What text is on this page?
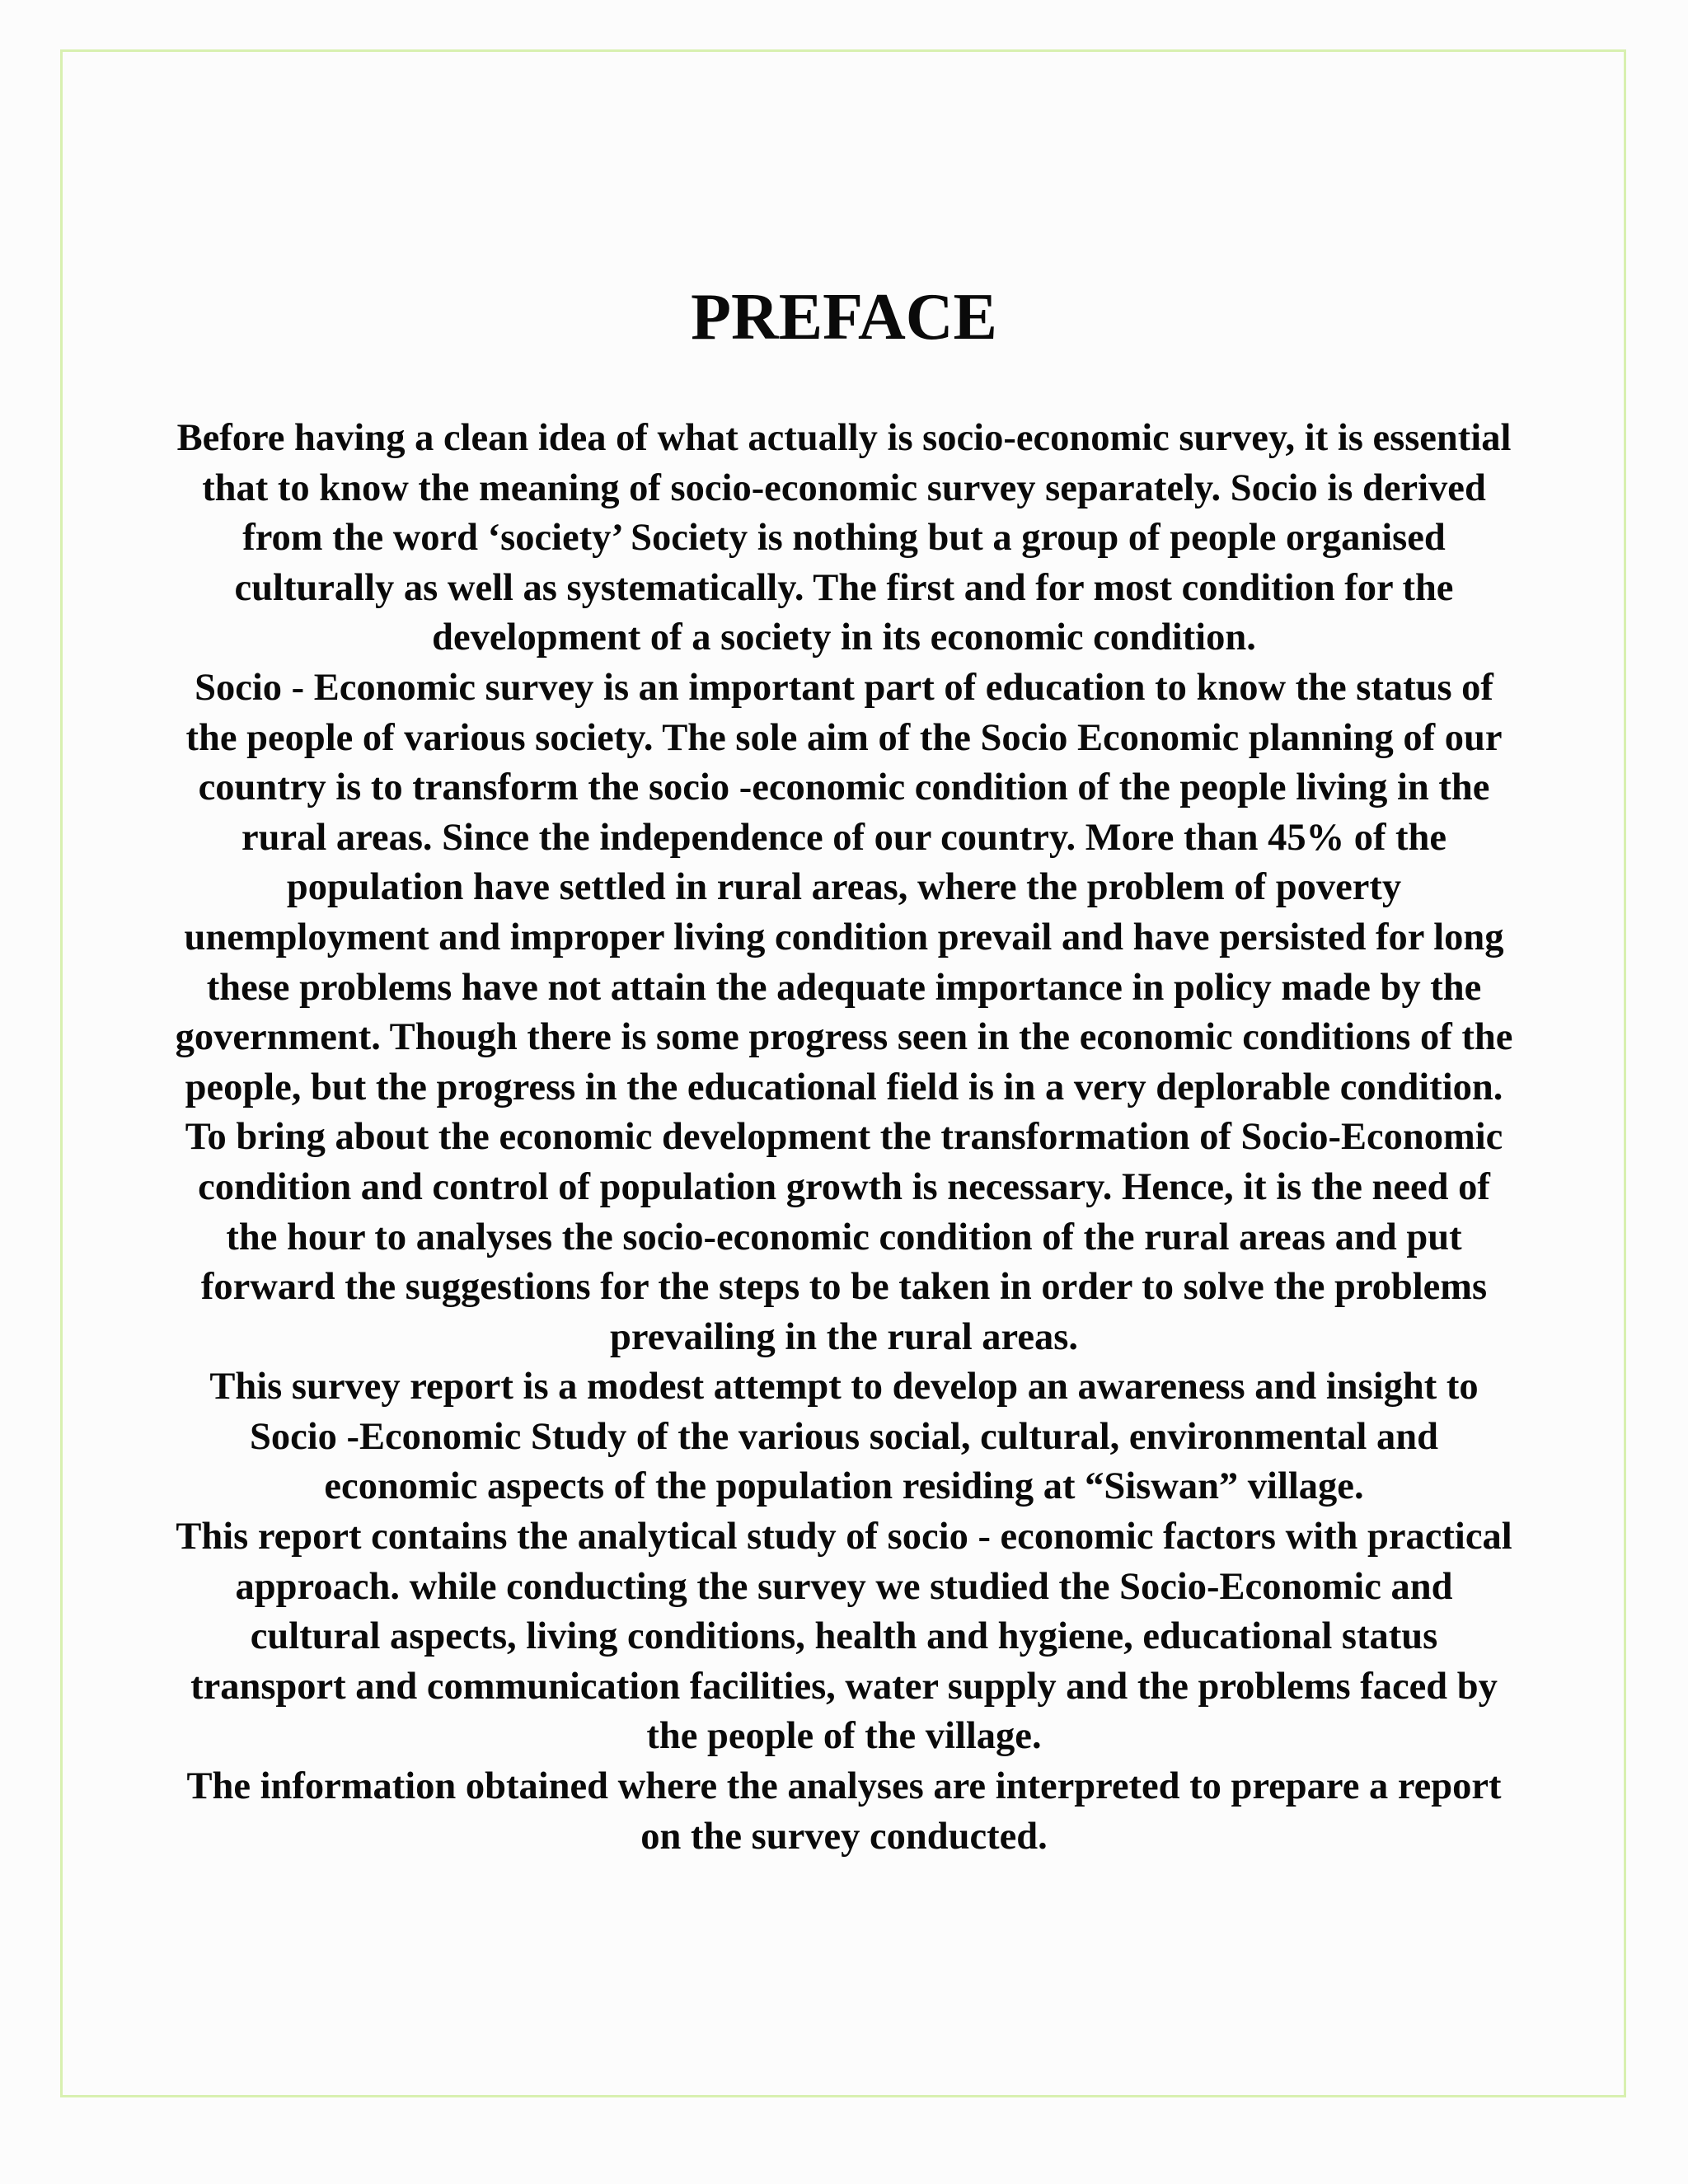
PREFACE
Before having a clean idea of what actually is socio-economic survey, it is essential
that to know the meaning of socio-economic survey separately. Socio is derived
from the word ‘society’ Society is nothing but a group of people organised
culturally as well as systematically. The first and for most condition for the
development of a society in its economic condition.
Socio - Economic survey is an important part of education to know the status of
the people of various society. The sole aim of the Socio Economic planning of our
country is to transform the socio -economic condition of the people living in the
rural areas. Since the independence of our country. More than 45% of the
population have settled in rural areas, where the problem of poverty
unemployment and improper living condition prevail and have persisted for long
these problems have not attain the adequate importance in policy made by the
government. Though there is some progress seen in the economic conditions of the
people, but the progress in the educational field is in a very deplorable condition.
To bring about the economic development the transformation of Socio-Economic
condition and control of population growth is necessary. Hence, it is the need of
the hour to analyses the socio-economic condition of the rural areas and put
forward the suggestions for the steps to be taken in order to solve the problems
prevailing in the rural areas.
This survey report is a modest attempt to develop an awareness and insight to
Socio -Economic Study of the various social, cultural, environmental and
economic aspects of the population residing at “Siswan” village.
This report contains the analytical study of socio - economic factors with practical
approach. while conducting the survey we studied the Socio-Economic and
cultural aspects, living conditions, health and hygiene, educational status
transport and communication facilities, water supply and the problems faced by
the people of the village.
The information obtained where the analyses are interpreted to prepare a report
on the survey conducted.
